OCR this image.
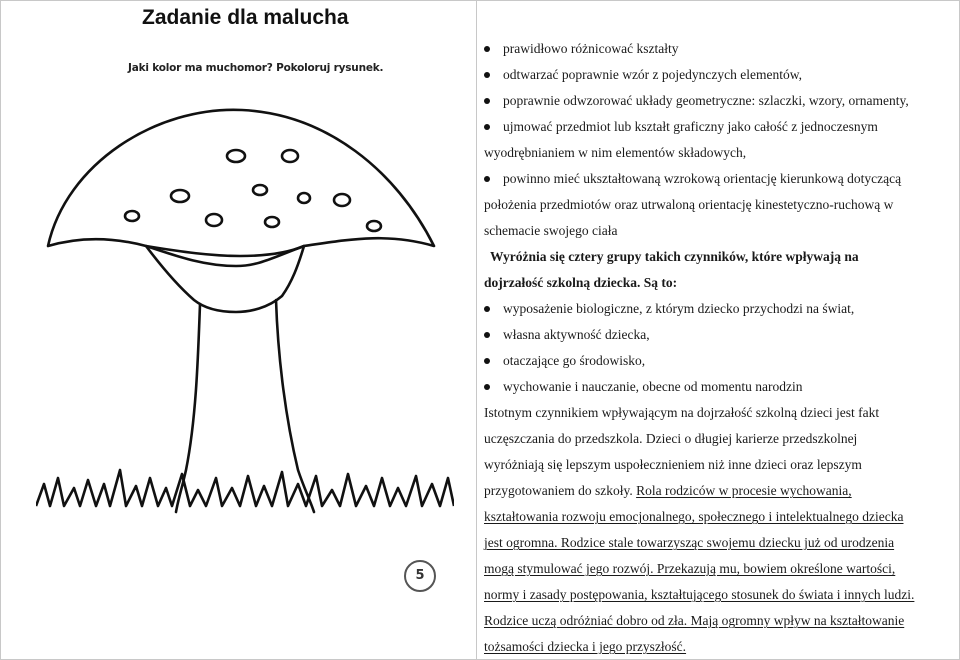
Zadanie dla malucha
Jaki kolor ma muchomor? Pokoloruj rysunek.
5
prawidłowo różnicować kształty
odtwarzać poprawnie wzór z pojedynczych elementów,
poprawnie odwzorować układy geometryczne: szlaczki, wzory, ornamenty,
ujmować przedmiot lub kształt graficzny jako całość z jednoczesnym
wyodrębnianiem w nim elementów składowych,
powinno mieć ukształtowaną wzrokową orientację kierunkową dotyczącą
położenia przedmiotów oraz utrwaloną orientację kinestetyczno-ruchową w
schemacie swojego ciała
Wyróżnia się cztery grupy takich czynników, które wpływają na
dojrzałość szkolną dziecka. Są to:
wyposażenie biologiczne, z którym dziecko przychodzi na świat,
własna aktywność dziecka,
otaczające go środowisko,
wychowanie i nauczanie, obecne od momentu narodzin
Istotnym czynnikiem wpływającym na dojrzałość szkolną dzieci jest fakt
uczęszczania do przedszkola. Dzieci o długiej karierze przedszkolnej
wyróżniają się lepszym uspołecznieniem niż inne dzieci oraz lepszym
przygotowaniem do szkoły. Rola rodziców w procesie wychowania,
kształtowania rozwoju emocjonalnego, społecznego i intelektualnego dziecka
jest ogromna. Rodzice stale towarzysząc swojemu dziecku już od urodzenia
mogą stymulować jego rozwój. Przekazują mu, bowiem określone wartości,
normy i zasady postępowania, kształtującego stosunek do świata i innych ludzi.
Rodzice uczą odróżniać dobro od zła. Mają ogromny wpływ na kształtowanie
tożsamości dziecka i jego przyszłość.
